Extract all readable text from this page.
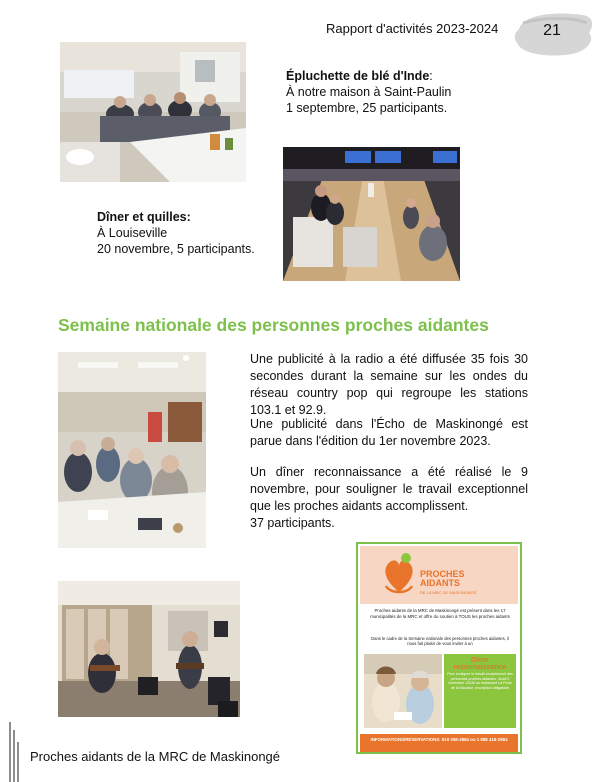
Rapport d'activités 2023-2024	21
Épluchette de blé d'Inde:
À notre maison à Saint-Paulin
1 septembre, 25 participants.
Dîner et quilles:
À Louiseville
20 novembre, 5 participants.
Semaine nationale des personnes proches aidantes
Une publicité à la radio a été diffusée 35 fois 30 secondes durant la semaine sur les ondes du réseau country pop qui regroupe les stations 103.1 et 92.9.
Une publicité dans l'Écho de Maskinongé est parue dans l'édition du 1er novembre 2023.
Un dîner reconnaissance a été réalisé le 9 novembre, pour souligner le travail exceptionnel que les proches aidants accomplissent.
37 participants.
PROCHES
AIDANTS
DE LA MRC DE MASKINONGÉ
Proches aidants de la MRC de Maskinongé est présent dans les 17 municipalités de la MRC et offre du soutien à TOUS les proches aidants
Dans le cadre de la Semaine nationale des personnes proches aidantes, il nous fait plaisir de vous inviter à un
Dîner reconnaissance
Pour souligner le travail exceptionnel des personnes proches aidantes. Jeudi 9 novembre 11h30 au restaurant La Porte de la Mauricie. Inscription obligatoire
INFORMATIONS/RÉSERVATIONS: 819 268-2884 ou 1 888 418-2884
Proches aidants de la MRC de Maskinongé
